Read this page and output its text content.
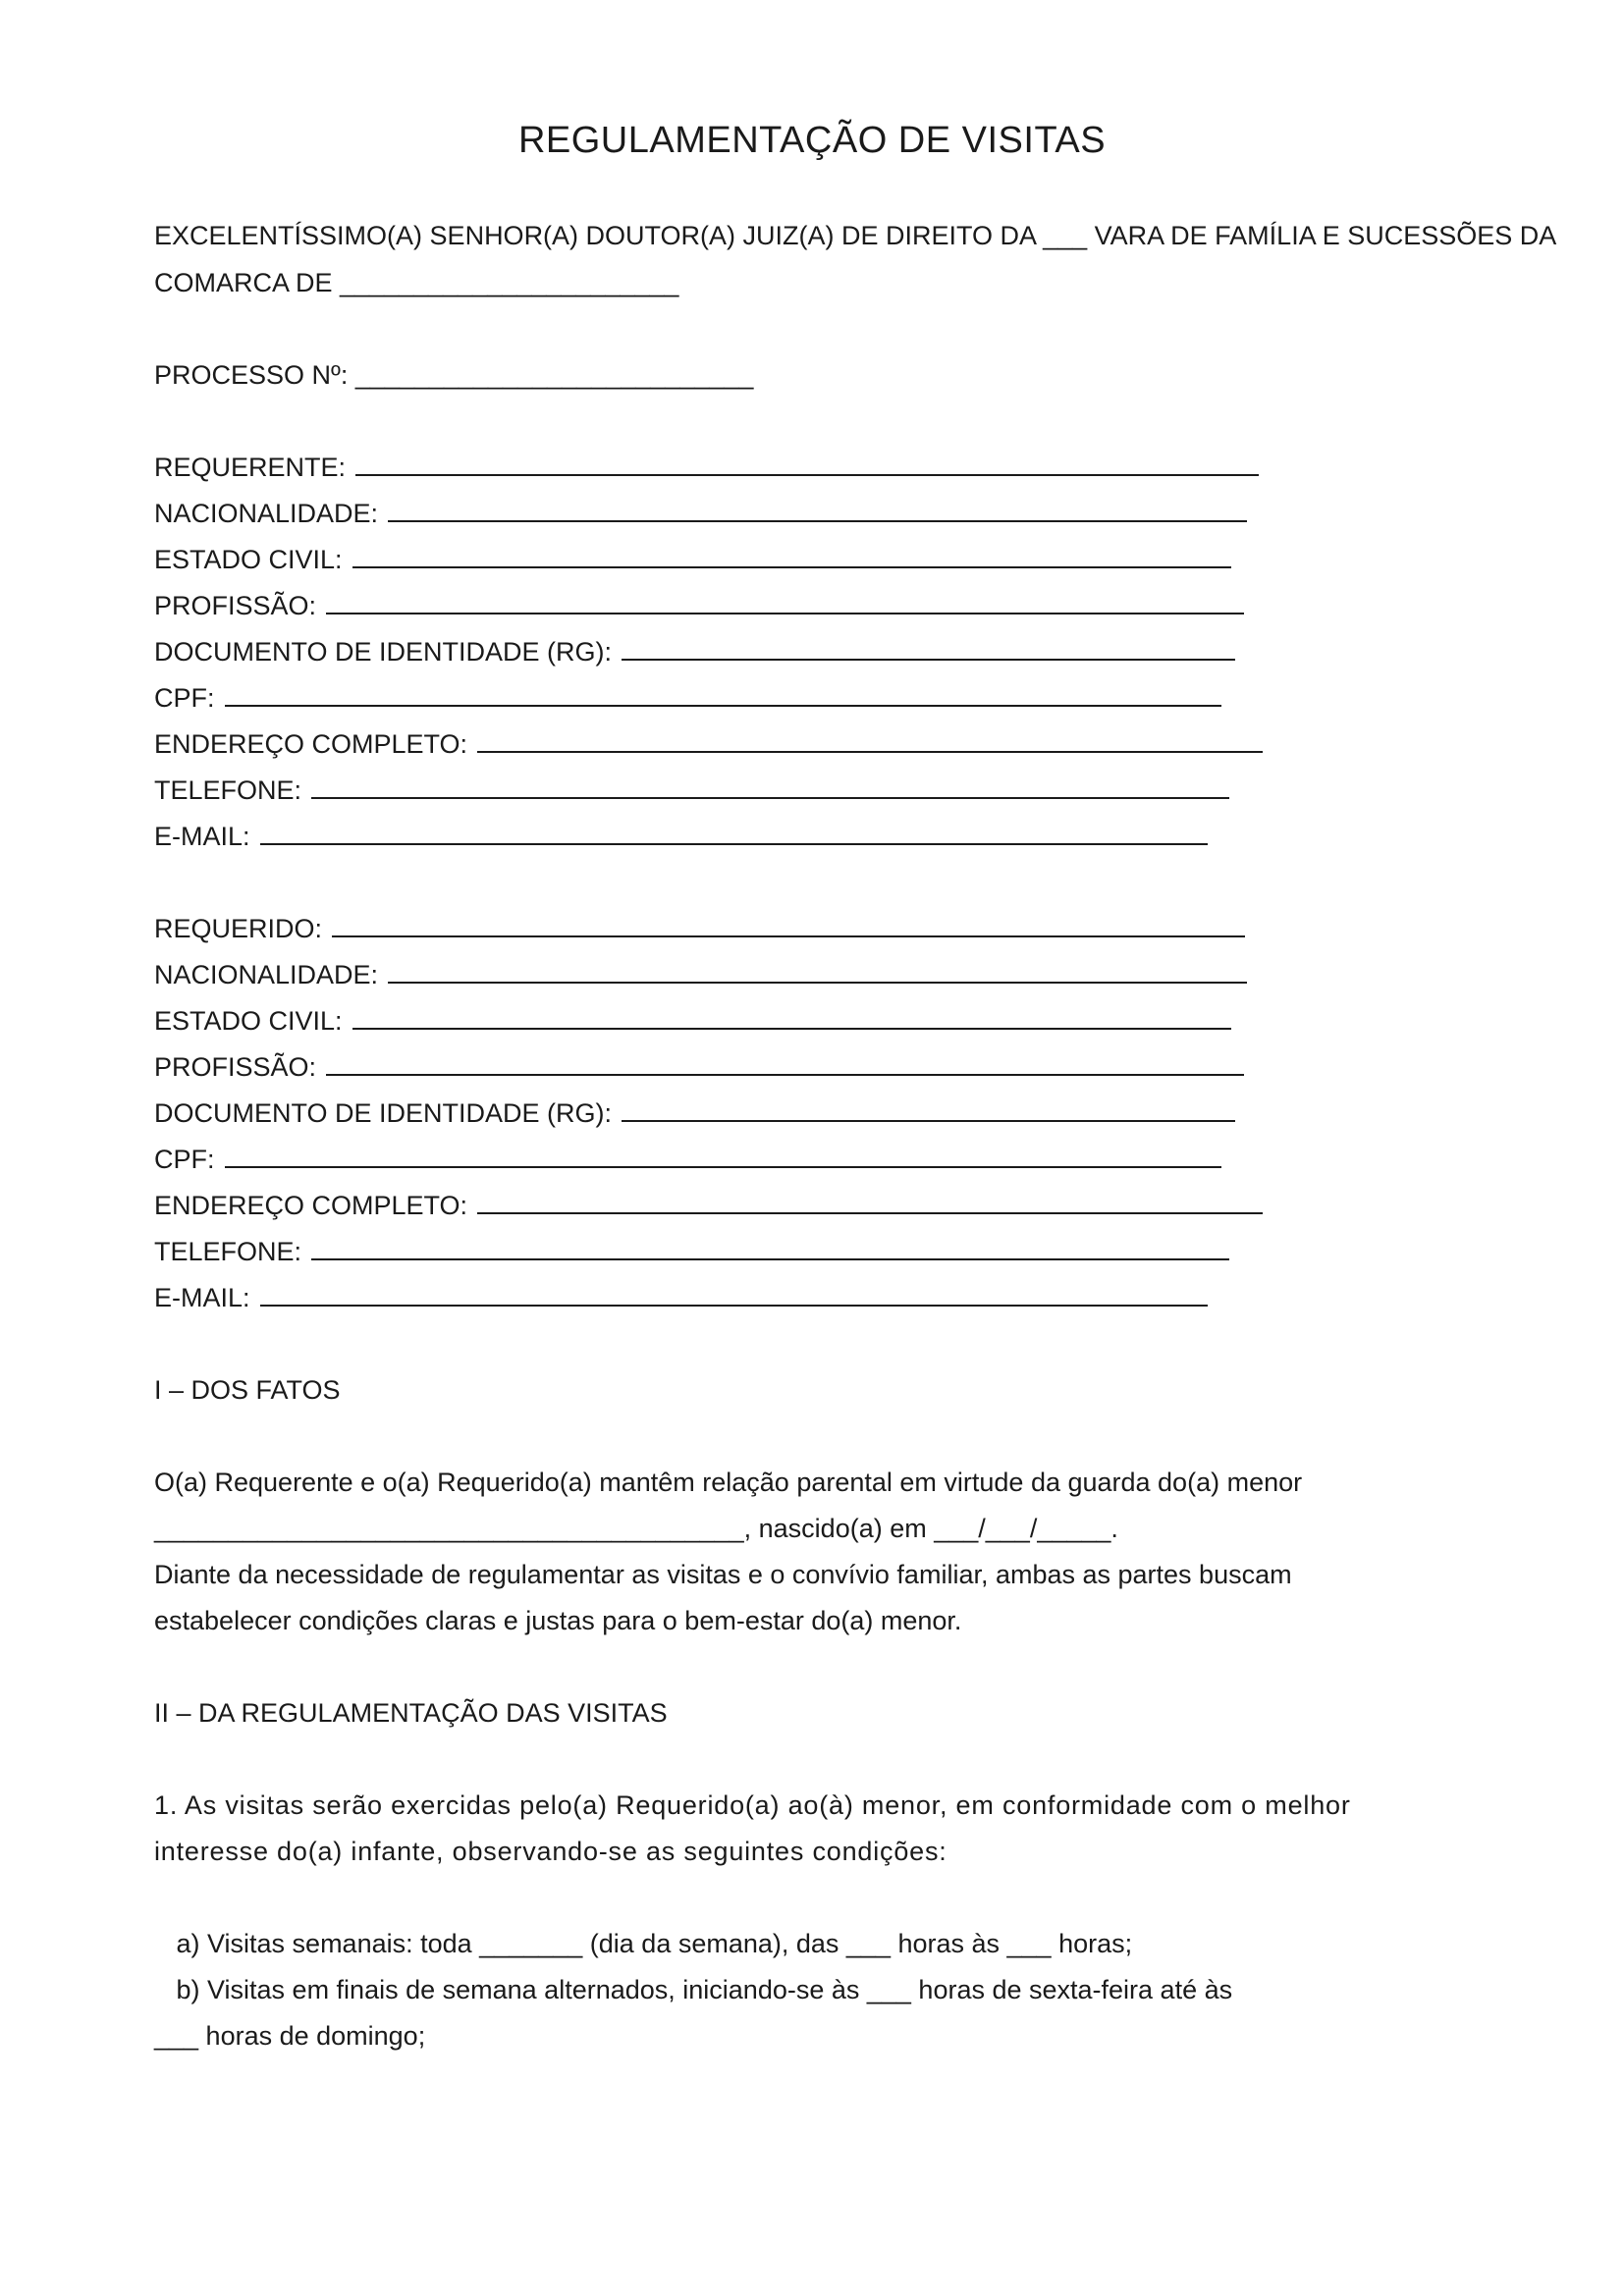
REGULAMENTAÇÃO DE VISITAS
EXCELENTÍSSIMO(A) SENHOR(A) DOUTOR(A) JUIZ(A) DE DIREITO DA ___ VARA DE FAMÍLIA E SUCESSÕES DA
COMARCA DE _______________________
PROCESSO Nº: ___________________________
REQUERENTE:
NACIONALIDADE:
ESTADO CIVIL:
PROFISSÃO:
DOCUMENTO DE IDENTIDADE (RG):
CPF:
ENDEREÇO COMPLETO:
TELEFONE:
E-MAIL:
REQUERIDO:
NACIONALIDADE:
ESTADO CIVIL:
PROFISSÃO:
DOCUMENTO DE IDENTIDADE (RG):
CPF:
ENDEREÇO COMPLETO:
TELEFONE:
E-MAIL:
I – DOS FATOS
O(a) Requerente e o(a) Requerido(a) mantêm relação parental em virtude da guarda do(a) menor
________________________________________, nascido(a) em ___/___/_____.
Diante da necessidade de regulamentar as visitas e o convívio familiar, ambas as partes buscam
estabelecer condições claras e justas para o bem-estar do(a) menor.
II – DA REGULAMENTAÇÃO DAS VISITAS
1. As visitas serão exercidas pelo(a) Requerido(a) ao(à) menor, em conformidade com o melhor
interesse do(a) infante, observando-se as seguintes condições:
a) Visitas semanais: toda _______ (dia da semana), das ___ horas às ___ horas;
b) Visitas em finais de semana alternados, iniciando-se às ___ horas de sexta-feira até às
___ horas de domingo;
